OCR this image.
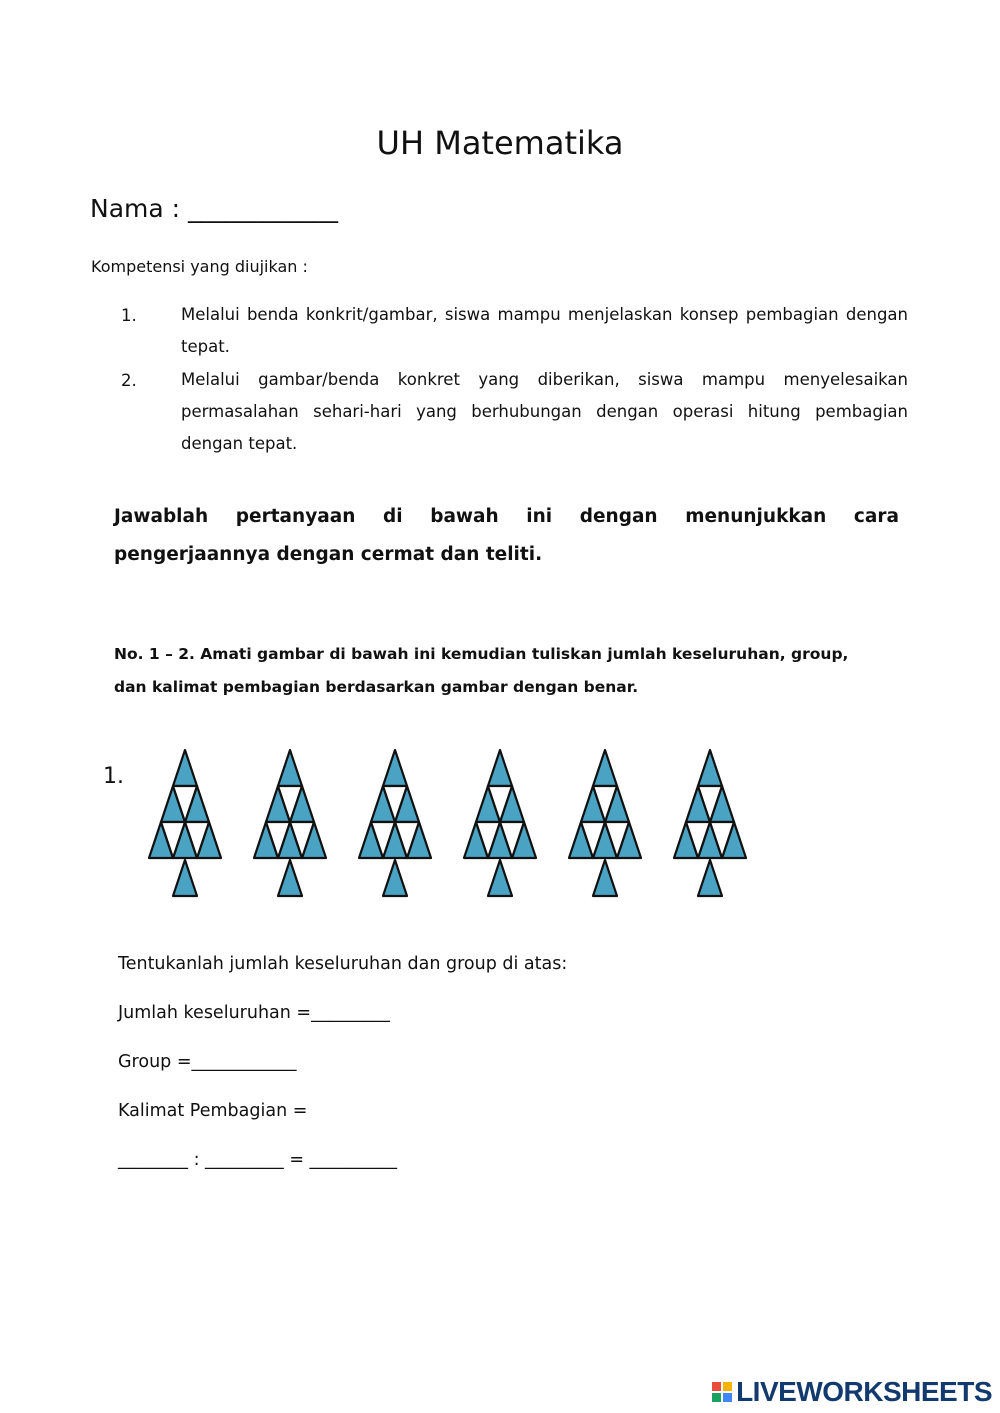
UH Matematika
Nama : ____________
Kompetensi yang diujikan :
1.	Melalui benda konkrit/gambar, siswa mampu menjelaskan konsep pembagian dengan tepat.
2.	Melalui gambar/benda konkret yang diberikan, siswa mampu menyelesaikan permasalahan sehari-hari yang berhubungan dengan operasi hitung pembagian dengan tepat.
Jawablah pertanyaan di bawah ini dengan menunjukkan cara pengerjaannya dengan cermat dan teliti.
No. 1 – 2. Amati gambar di bawah ini kemudian tuliskan jumlah keseluruhan, group, dan kalimat pembagian berdasarkan gambar dengan benar.
1.
Tentukanlah jumlah keseluruhan dan group di atas:
Jumlah keseluruhan =_________
Group =____________
Kalimat Pembagian =
________ : _________ = __________
LIVEWORKSHEETS
